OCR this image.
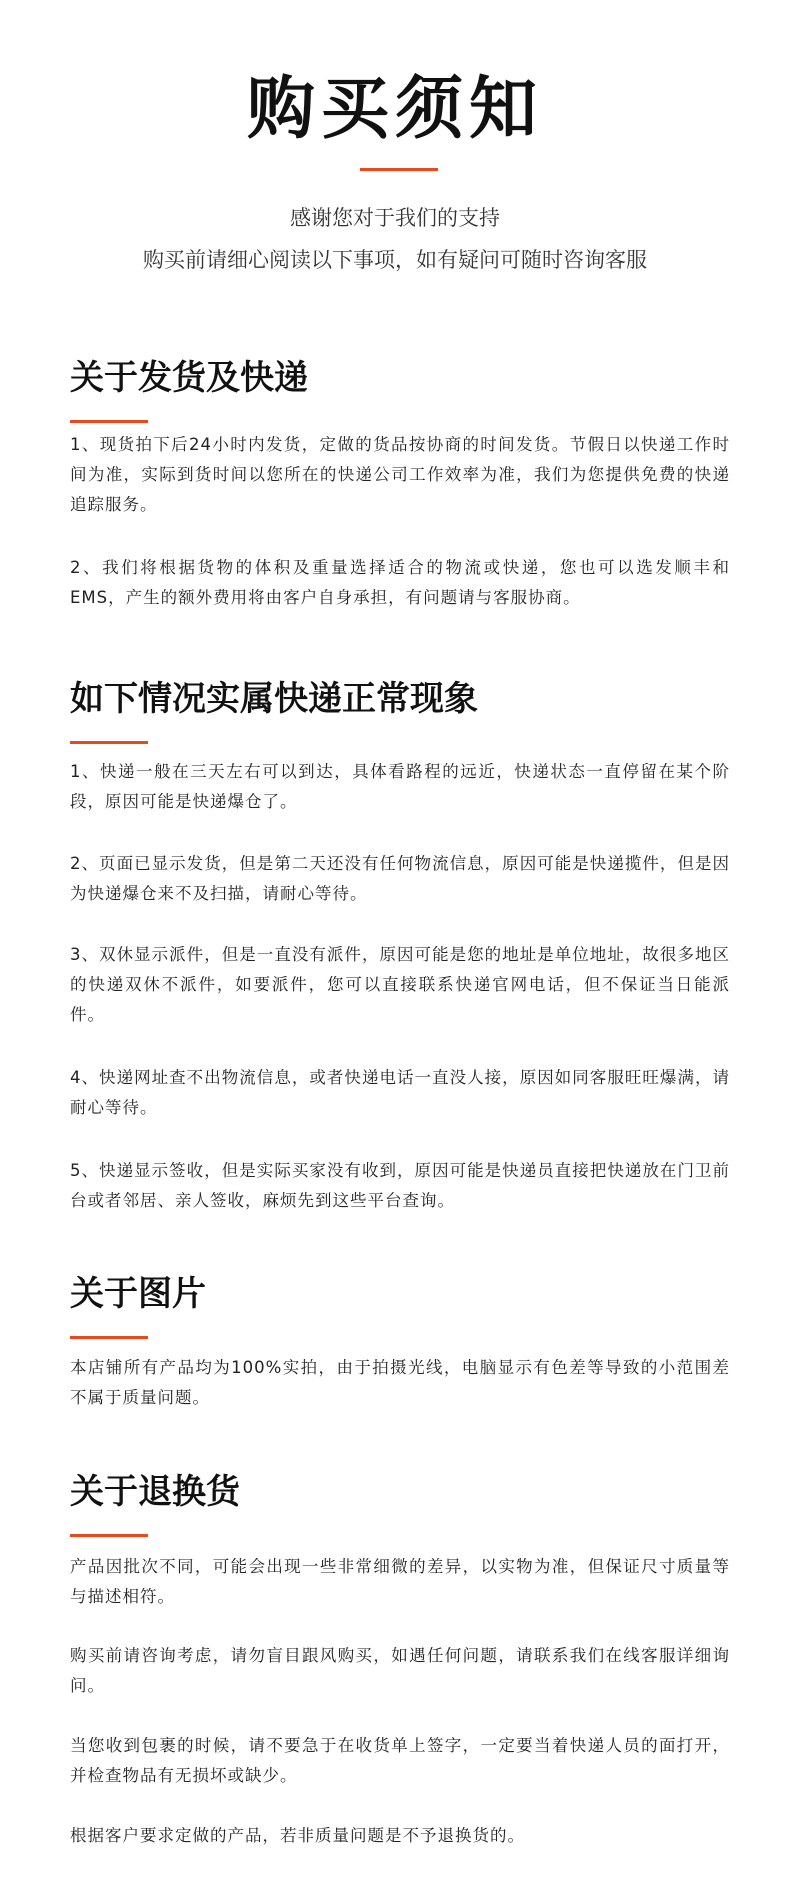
购买须知
感谢您对于我们的支持
购买前请细心阅读以下事项，如有疑问可随时咨询客服
关于发货及快递

1、现货拍下后24小时内发货，定做的货品按协商的时间发货。节假日以快递工作时间为准，实际到货时间以您所在的快递公司工作效率为准，我们为您提供免费的快递追踪服务。

2、我们将根据货物的体积及重量选择适合的物流或快递，您也可以选发顺丰和EMS，产生的额外费用将由客户自身承担，有问题请与客服协商。

如下情况实属快递正常现象

1、快递一般在三天左右可以到达，具体看路程的远近，快递状态一直停留在某个阶段，原因可能是快递爆仓了。

2、页面已显示发货，但是第二天还没有任何物流信息，原因可能是快递揽件，但是因为快递爆仓来不及扫描，请耐心等待。

3、双休显示派件，但是一直没有派件，原因可能是您的地址是单位地址，故很多地区的快递双休不派件，如要派件，您可以直接联系快递官网电话，但不保证当日能派件。

4、快递网址查不出物流信息，或者快递电话一直没人接，原因如同客服旺旺爆满，请耐心等待。

5、快递显示签收，但是实际买家没有收到，原因可能是快递员直接把快递放在门卫前台或者邻居、亲人签收，麻烦先到这些平台查询。

关于图片

本店铺所有产品均为100%实拍，由于拍摄光线，电脑显示有色差等导致的小范围差不属于质量问题。

关于退换货

产品因批次不同，可能会出现一些非常细微的差异，以实物为准，但保证尺寸质量等与描述相符。

购买前请咨询考虑，请勿盲目跟风购买，如遇任何问题，请联系我们在线客服详细询问。

当您收到包裹的时候，请不要急于在收货单上签字，一定要当着快递人员的面打开，并检查物品有无损坏或缺少。

根据客户要求定做的产品，若非质量问题是不予退换货的。
